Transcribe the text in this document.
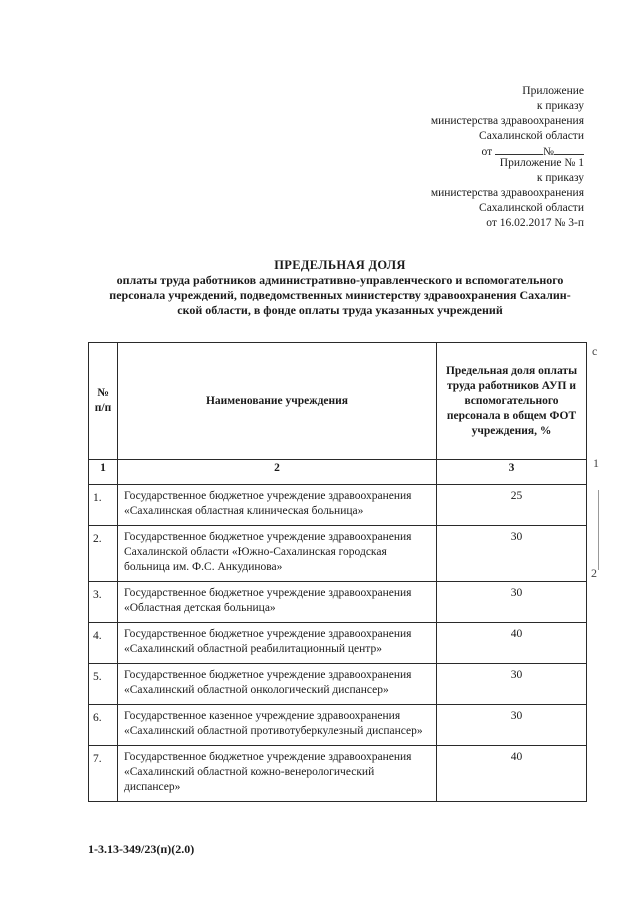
Приложение
к приказу
министерства здравоохранения
Сахалинской области
от	№
Приложение № 1
к приказу
министерства здравоохранения
Сахалинской области
от 16.02.2017 № 3-п
ПРЕДЕЛЬНАЯ ДОЛЯ
оплаты труда работников административно-управленческого и вспомогательного
персонала учреждений, подведомственных министерству здравоохранения Сахалин-
ской области, в фонде оплаты труда указанных учреждений
№ п/п	Наименование учреждения	Предельная доля оплаты труда работников АУП и вспомогательного персонала в общем ФОТ учреждения, %
1	2	3
1.	Государственное бюджетное учреждение здравоохранения «Сахалинская областная клиническая больница»	25
2.	Государственное бюджетное учреждение здравоохранения Сахалинской области «Южно-Сахалинская городская больница им. Ф.С. Анкудинова»	30
3.	Государственное бюджетное учреждение здравоохранения «Областная детская больница»	30
4.	Государственное бюджетное учреждение здравоохранения «Сахалинский областной реабилитационный центр»	40
5.	Государственное бюджетное учреждение здравоохранения «Сахалинский областной онкологический диспансер»	30
6.	Государственное казенное учреждение здравоохранения «Сахалинский областной противотуберкулезный диспансер»	30
7.	Государственное бюджетное учреждение здравоохранения «Сахалинский областной кожно-венерологический диспансер»	40
1-3.13-349/23(п)(2.0)
с
1
2
